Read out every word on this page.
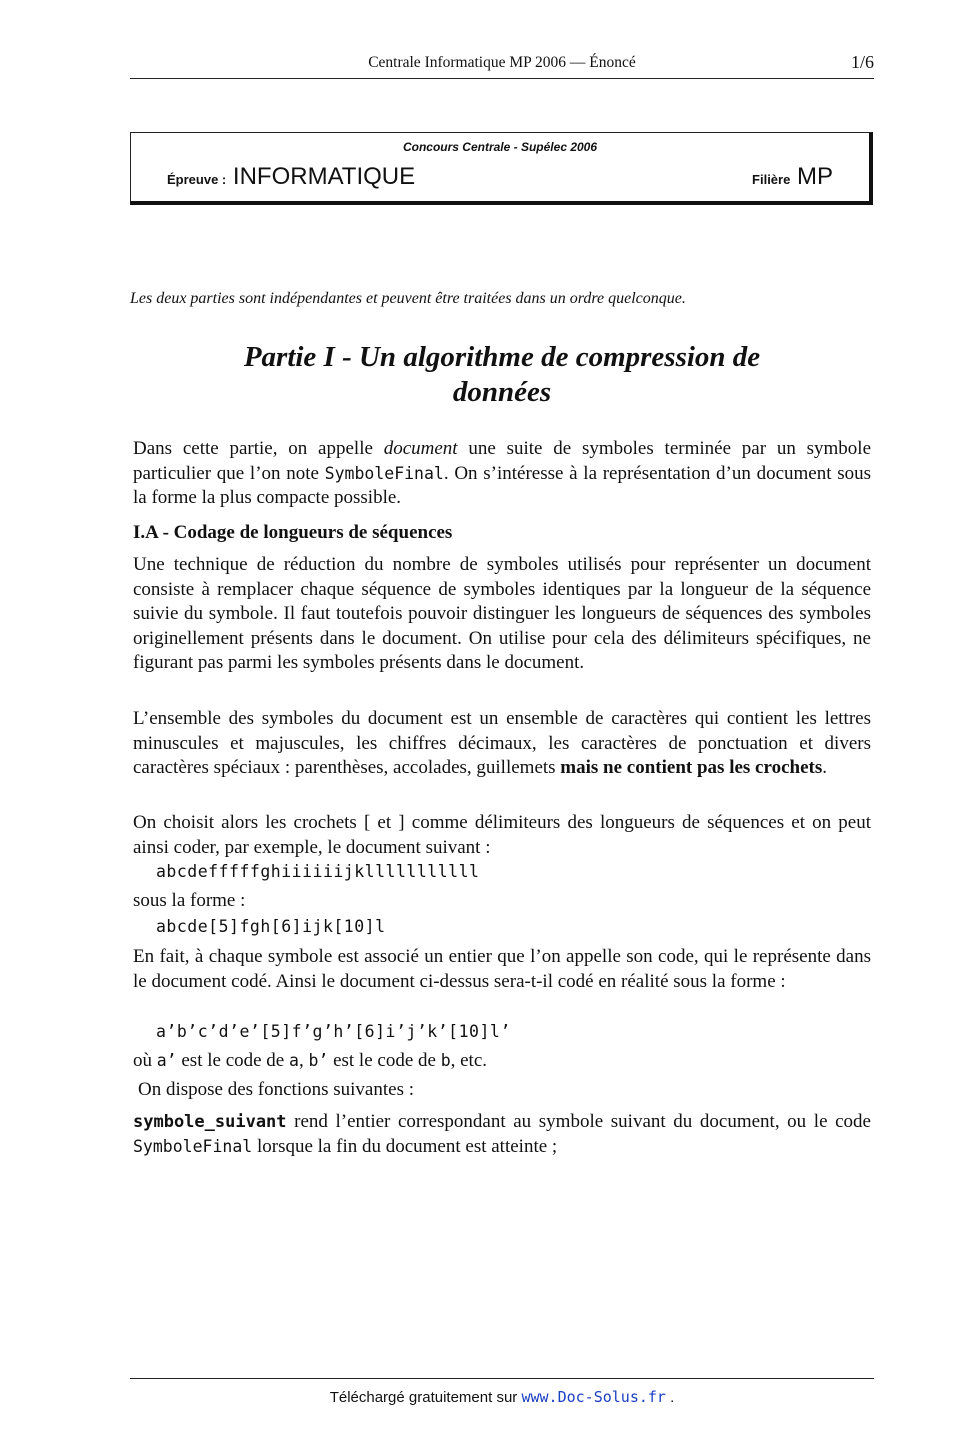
Centrale Informatique MP 2006 — Énoncé	1/6
Concours Centrale - Supélec 2006
Épreuve : INFORMATIQUE	Filière MP
Les deux parties sont indépendantes et peuvent être traitées dans un ordre quelconque.
Partie I - Un algorithme de compression de
données
Dans cette partie, on appelle document une suite de symboles terminée par un symbole particulier que l’on note SymboleFinal. On s’intéresse à la représentation d’un document sous la forme la plus compacte possible.
I.A - Codage de longueurs de séquences
Une technique de réduction du nombre de symboles utilisés pour représenter un document consiste à remplacer chaque séquence de symboles identiques par la longueur de la séquence suivie du symbole. Il faut toutefois pouvoir distinguer les longueurs de séquences des symboles originellement présents dans le document. On utilise pour cela des délimiteurs spécifiques, ne figurant pas parmi les symboles présents dans le document.
L’ensemble des symboles du document est un ensemble de caractères qui contient les lettres minuscules et majuscules, les chiffres décimaux, les caractères de ponctuation et divers caractères spéciaux : parenthèses, accolades, guillemets mais ne contient pas les crochets.
On choisit alors les crochets [ et ] comme délimiteurs des longueurs de séquences et on peut ainsi coder, par exemple, le document suivant :
abcdefffffghiiiiiijklllllllllll
sous la forme :
abcde[5]fgh[6]ijk[10]l
En fait, à chaque symbole est associé un entier que l’on appelle son code, qui le représente dans le document codé. Ainsi le document ci-dessus sera-t-il codé en réalité sous la forme :
a’b’c’d’e’[5]f’g’h’[6]i’j’k’[10]l’
où a’ est le code de a, b’ est le code de b, etc.
On dispose des fonctions suivantes :
symbole_suivant rend l’entier correspondant au symbole suivant du document, ou le code SymboleFinal lorsque la fin du document est atteinte ;
Téléchargé gratuitement sur www.Doc-Solus.fr .
